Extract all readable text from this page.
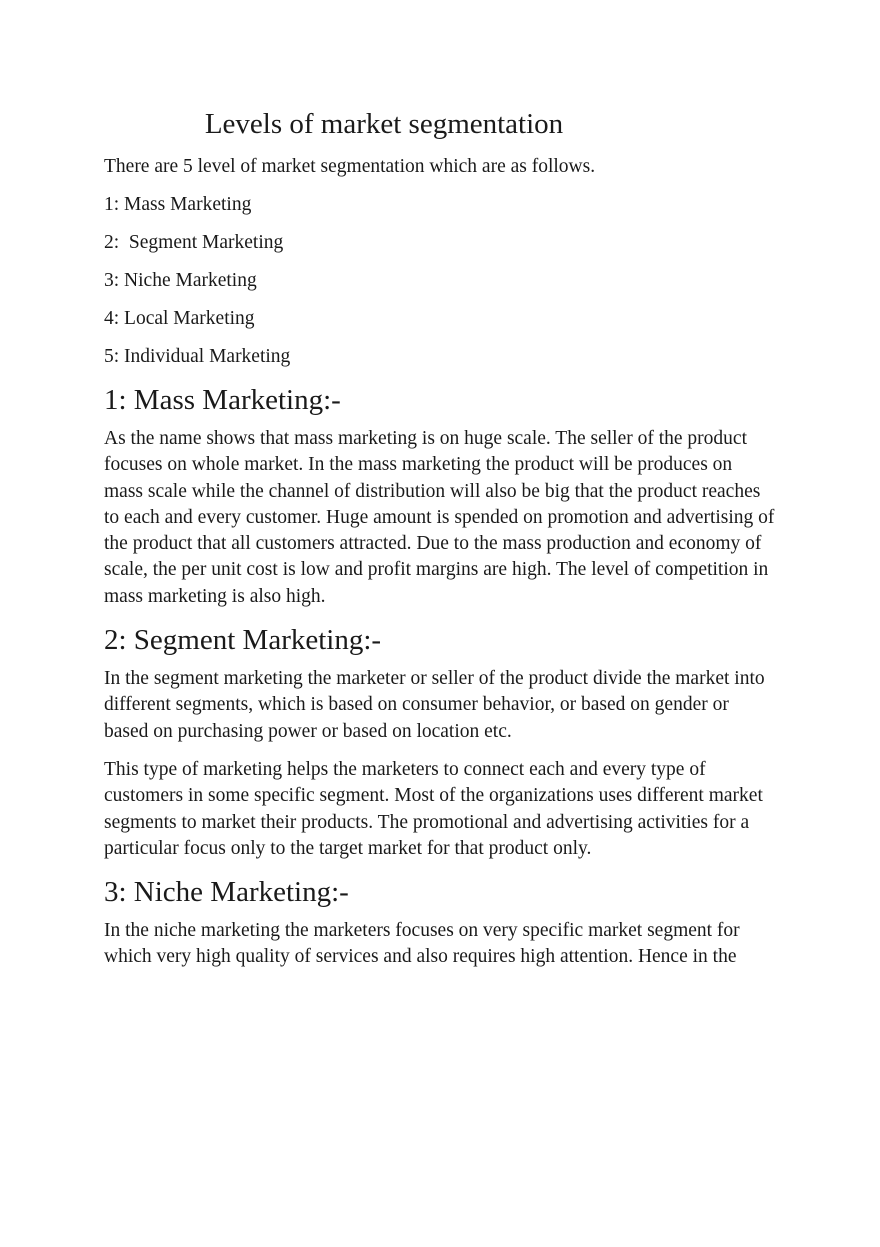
Levels of market segmentation

There are 5 level of market segmentation which are as follows.

1: Mass Marketing
2:  Segment Marketing
3: Niche Marketing
4: Local Marketing
5: Individual Marketing
1: Mass Marketing:-

As the name shows that mass marketing is on huge scale. The seller of the product focuses on whole market. In the mass marketing the product will be produces on mass scale while the channel of distribution will also be big that the product reaches to each and every customer. Huge amount is spended on promotion and advertising of the product that all customers attracted. Due to the mass production and economy of scale, the per unit cost is low and profit margins are high. The level of competition in mass marketing is also high.

2: Segment Marketing:-

In the segment marketing the marketer or seller of the product divide the market into different segments, which is based on consumer behavior, or based on gender or based on purchasing power or based on location etc.

This type of marketing helps the marketers to connect each and every type of customers in some specific segment. Most of the organizations uses different market segments to market their products. The promotional and advertising activities for a particular focus only to the target market for that product only.

3: Niche Marketing:-

In the niche marketing the marketers focuses on very specific market segment for which very high quality of services and also requires high attention. Hence in the
